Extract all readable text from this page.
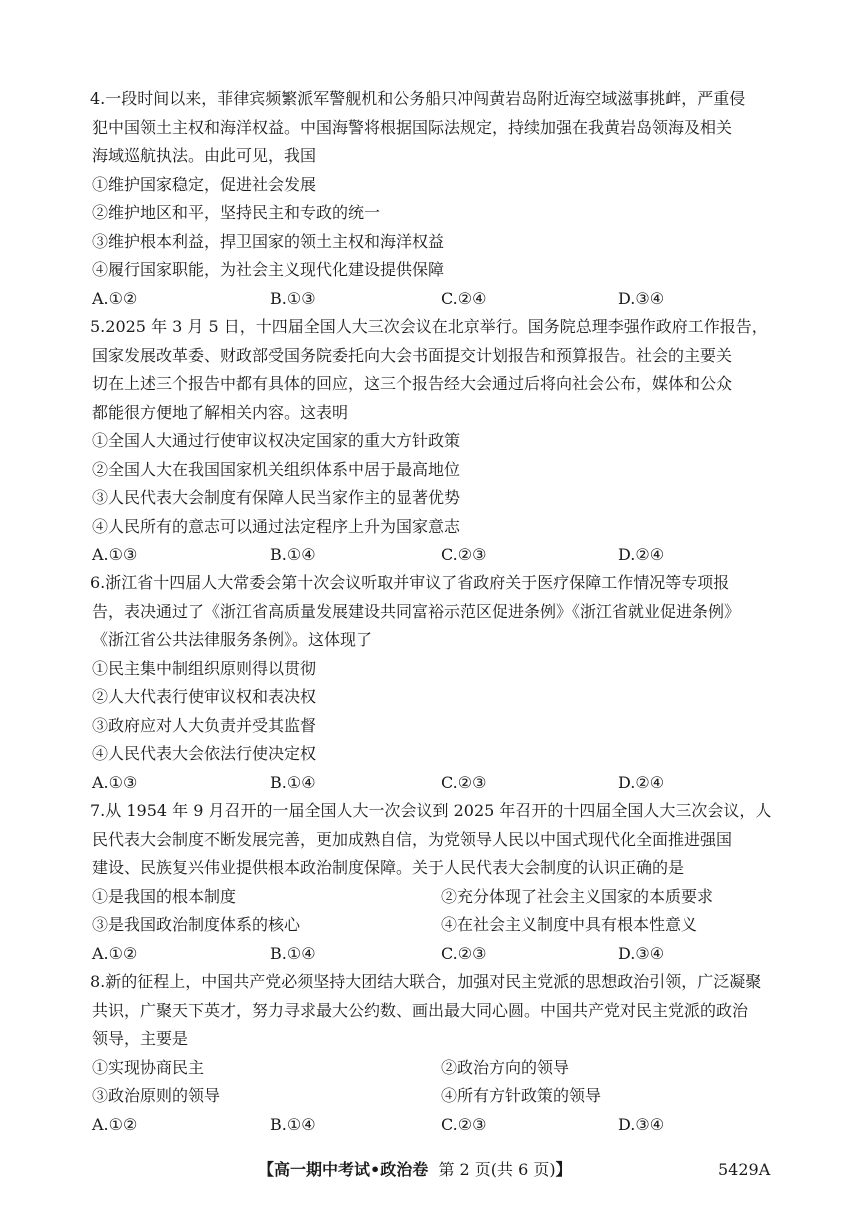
4.一段时间以来，菲律宾频繁派军警舰机和公务船只冲闯黄岩岛附近海空域滋事挑衅，严重侵
犯中国领土主权和海洋权益。中国海警将根据国际法规定，持续加强在我黄岩岛领海及相关
海域巡航执法。由此可见，我国
①维护国家稳定，促进社会发展
②维护地区和平，坚持民主和专政的统一
③维护根本利益，捍卫国家的领土主权和海洋权益
④履行国家职能，为社会主义现代化建设提供保障
A.①②	B.①③	C.②④	D.③④
5.2025 年 3 月 5 日，十四届全国人大三次会议在北京举行。国务院总理李强作政府工作报告，
国家发展改革委、财政部受国务院委托向大会书面提交计划报告和预算报告。社会的主要关
切在上述三个报告中都有具体的回应，这三个报告经大会通过后将向社会公布，媒体和公众
都能很方便地了解相关内容。这表明
①全国人大通过行使审议权决定国家的重大方针政策
②全国人大在我国国家机关组织体系中居于最高地位
③人民代表大会制度有保障人民当家作主的显著优势
④人民所有的意志可以通过法定程序上升为国家意志
A.①③	B.①④	C.②③	D.②④
6.浙江省十四届人大常委会第十次会议听取并审议了省政府关于医疗保障工作情况等专项报
告，表决通过了《浙江省高质量发展建设共同富裕示范区促进条例》《浙江省就业促进条例》
《浙江省公共法律服务条例》。这体现了
①民主集中制组织原则得以贯彻
②人大代表行使审议权和表决权
③政府应对人大负责并受其监督
④人民代表大会依法行使决定权
A.①③	B.①④	C.②③	D.②④
7.从 1954 年 9 月召开的一届全国人大一次会议到 2025 年召开的十四届全国人大三次会议，人
民代表大会制度不断发展完善，更加成熟自信，为党领导人民以中国式现代化全面推进强国
建设、民族复兴伟业提供根本政治制度保障。关于人民代表大会制度的认识正确的是
①是我国的根本制度	②充分体现了社会主义国家的本质要求
③是我国政治制度体系的核心	④在社会主义制度中具有根本性意义
A.①②	B.①④	C.②③	D.③④
8.新的征程上，中国共产党必须坚持大团结大联合，加强对民主党派的思想政治引领，广泛凝聚
共识，广聚天下英才，努力寻求最大公约数、画出最大同心圆。中国共产党对民主党派的政治
领导，主要是
①实现协商民主	②政治方向的领导
③政治原则的领导	④所有方针政策的领导
A.①②	B.①④	C.②③	D.③④
【高一期中考试•政治卷 第 2 页(共 6 页)】	5429A
